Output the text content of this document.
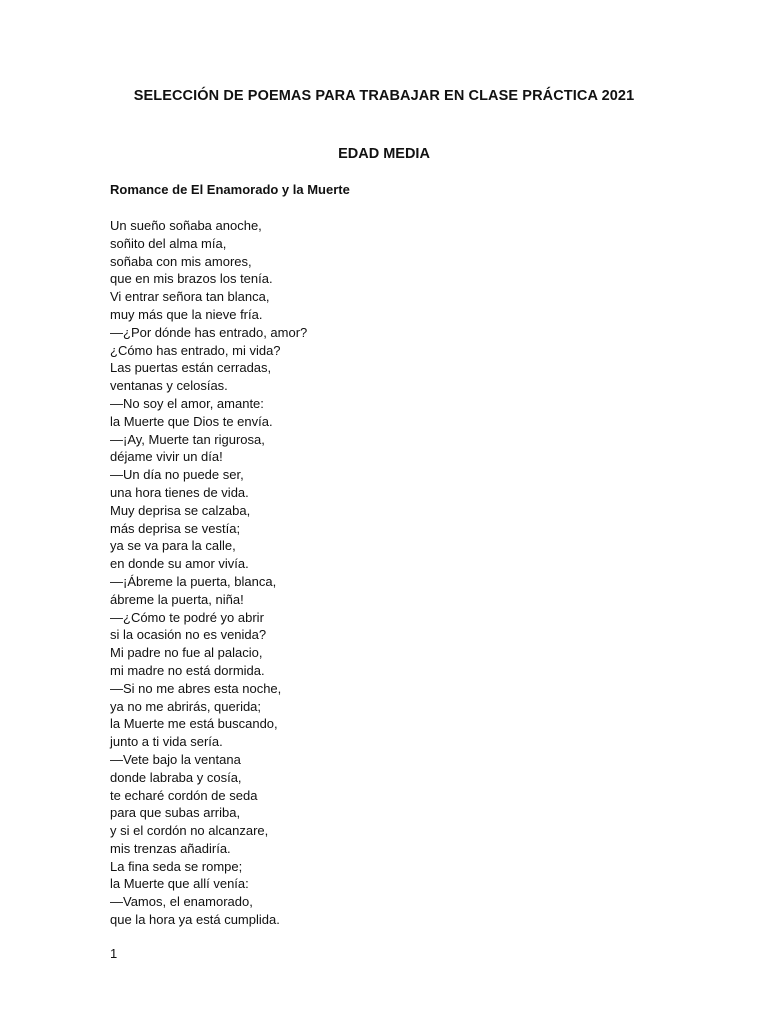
SELECCIÓN DE POEMAS PARA TRABAJAR EN CLASE PRÁCTICA 2021
EDAD MEDIA
Romance de El Enamorado y la Muerte
Un sueño soñaba anoche,
soñito del alma mía,
soñaba con mis amores,
que en mis brazos los tenía.
Vi entrar señora tan blanca,
muy más que la nieve fría.
—¿Por dónde has entrado, amor?
¿Cómo has entrado, mi vida?
Las puertas están cerradas,
ventanas y celosías.
—No soy el amor, amante:
la Muerte que Dios te envía.
—¡Ay, Muerte tan rigurosa,
déjame vivir un día!
—Un día no puede ser,
una hora tienes de vida.
Muy deprisa se calzaba,
más deprisa se vestía;
ya se va para la calle,
en donde su amor vivía.
—¡Ábreme la puerta, blanca,
ábreme la puerta, niña!
—¿Cómo te podré yo abrir
si la ocasión no es venida?
Mi padre no fue al palacio,
mi madre no está dormida.
—Si no me abres esta noche,
ya no me abrirás, querida;
la Muerte me está buscando,
junto a ti vida sería.
—Vete bajo la ventana
donde labraba y cosía,
te echaré cordón de seda
para que subas arriba,
y si el cordón no alcanzare,
mis trenzas añadiría.
La fina seda se rompe;
la Muerte que allí venía:
—Vamos, el enamorado,
que la hora ya está cumplida.

1
